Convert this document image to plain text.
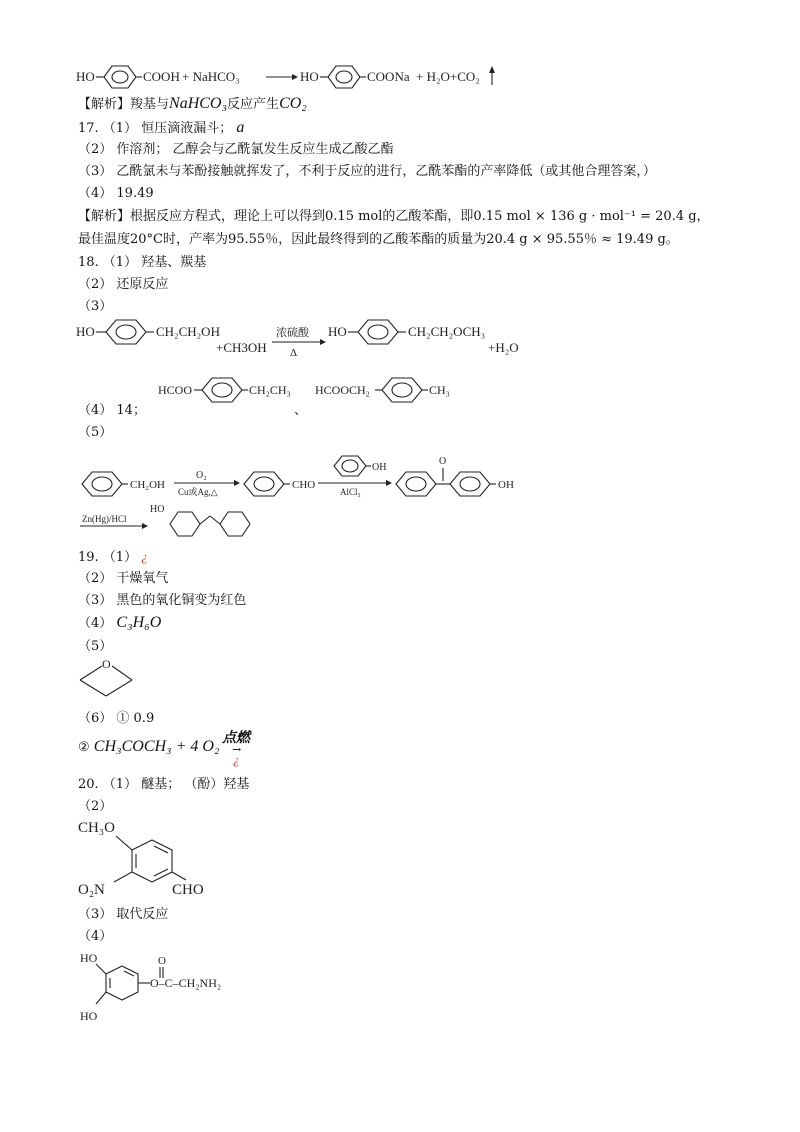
HO	COOH + NaHCO₃	HO	COONa + H₂O+CO₂
【解析】羧基与NaHCO₃反应产生CO₂
17. （1） 恒压滴液漏斗； a
（2） 作溶剂； 乙醇会与乙酰氯发生反应生成乙酸乙酯
（3） 乙酰氯未与苯酚接触就挥发了，不利于反应的进行，乙酰苯酯的产率降低（或其他合理答案，）
（4） 19.49
【解析】根据反应方程式，理论上可以得到0.15 mol的乙酸苯酯，即0.15 mol × 136 g · mol⁻¹ = 20.4 g，
最佳温度20°C时，产率为95.55％，因此最终得到的乙酸苯酯的质量为20.4 g × 95.55％ ≈ 19.49 g。
18. （1） 羟基、羰基
（2） 还原反应
（3）
HO	CH₂CH₂OH
+CH3OH
浓硫酸
Δ
HO	CH₂CH₂OCH₃
+H₂O
HCOO	CH₂CH₃ HCOOCH₂	CH₃
（4） 14；	、
（5）
CH₂OH
O₂
Cu或Ag,△
CHO
OH
AlCl₃
O
OH
Zn(Hg)/HCl
HO
19. （1） ¿
（2） 干燥氧气
（3） 黑色的氧化铜变为红色
（4） C₃H₆O
（5）
O
（6） ① 0.9
② CH₃COCH₃ + 4 O₂ 点燃
→
¿
20. （1） 醚基； （酚）羟基
（2）
CH₃O
O₂N	CHO
（3） 取代反应
（4）
HO
HO
O
O–C–CH₂NH₂
